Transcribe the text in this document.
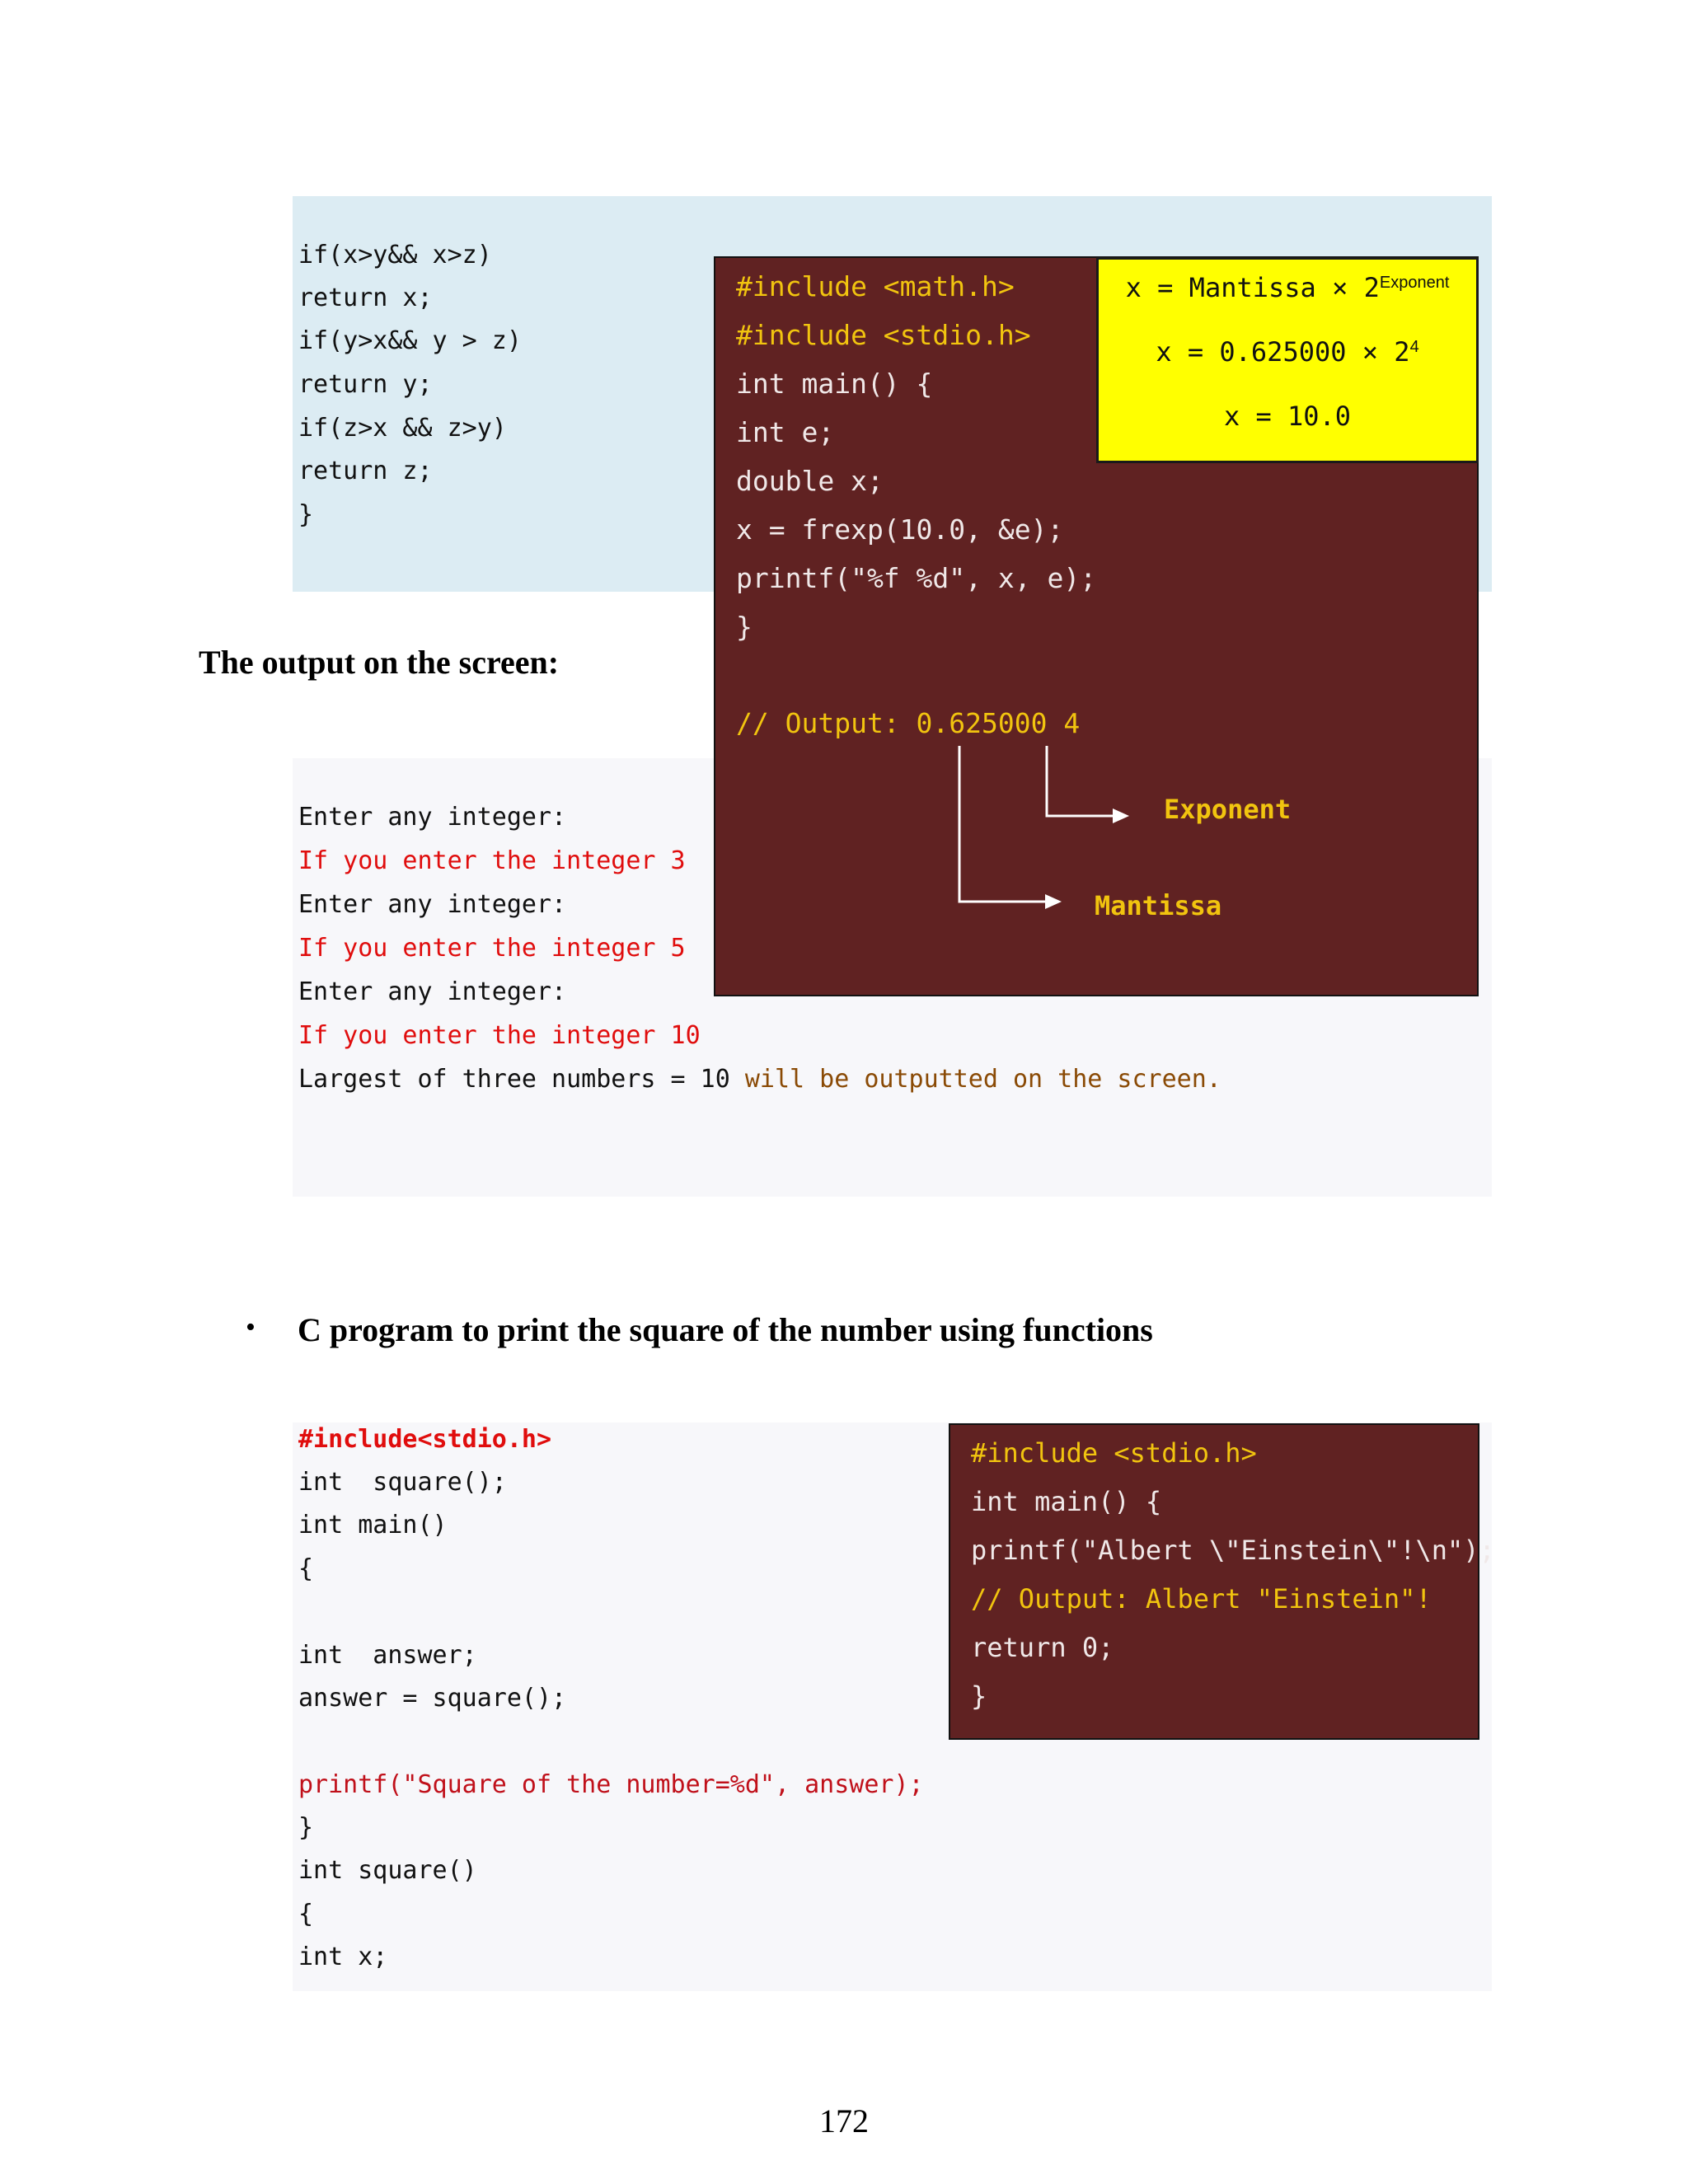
if(x>y&& x>z)
return x;
if(y>x&& y > z)
return y;
if(z>x && z>y)
return z;
}
The output on the screen:
Enter any integer:
If you enter the integer 3
Enter any integer:
If you enter the integer 5
Enter any integer:
If you enter the integer 10
Largest of three numbers = 10 will be outputted on the screen.
#include <math.h>
#include <stdio.h>
int main() {
int e;
double x;
x = frexp(10.0, &e);
printf("%f %d", x, e);
}
// Output: 0.625000 4
Exponent
Mantissa
x = Mantissa × $2^{Exponent}$
$x = 0.625000 \times 2^4$
x = 10.0
• C program to print the square of the number using functions
#include<stdio.h>
int  square();
int main()
{
int  answer;
answer = square();
printf("Square of the number=%d", answer);
}
int square()
{
int x;
#include <stdio.h>
int main() {
printf("Albert \"Einstein\"!\n");
// Output: Albert "Einstein"!
return 0;
}
172
